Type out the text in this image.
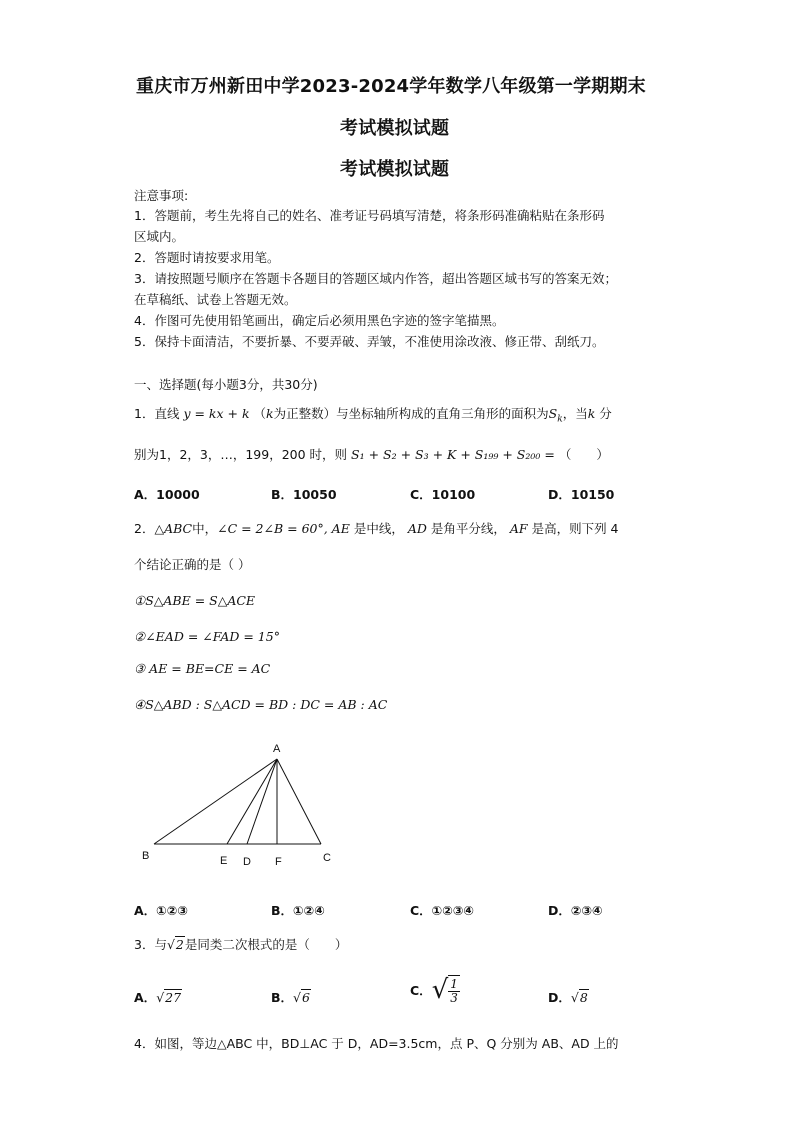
重庆市万州新田中学2023-2024学年数学八年级第一学期期末
考试模拟试题
考试模拟试题
注意事项:
1．答题前，考生先将自己的姓名、准考证号码填写清楚，将条形码准确粘贴在条形码
区域内。
2．答题时请按要求用笔。
3．请按照题号顺序在答题卡各题目的答题区域内作答，超出答题区域书写的答案无效；
在草稿纸、试卷上答题无效。
4．作图可先使用铅笔画出，确定后必须用黑色字迹的签字笔描黑。
5．保持卡面清洁，不要折暴、不要弄破、弄皱，不准使用涂改液、修正带、刮纸刀。
一、选择题(每小题3分，共30分)
1．直线 y = kx + k （k为正整数）与坐标轴所构成的直角三角形的面积为$S_k$，当k 分
别为1，2，3，…，199，200 时，则 S₁ + S₂ + S₃ + K + S₁₉₉ + S₂₀₀ = （　　）
A．10000	B．10050	C．10100	D．10150
2．△ABC中，∠C = 2∠B = 60°, AE 是中线， AD 是角平分线， AF 是高，则下列 4
个结论正确的是（ ）
①S△ABE = S△ACE
②∠EAD = ∠FAD = 15°
③ AE = BE=CE = AC
④S△ABD : S△ACD = BD : DC = AB : AC
A
B	E D F	C
A．①②③	B．①②④	C．①②③④	D．②③④
3．与√2是同类二次根式的是（　　）
A．√27	B．√6	C．√ $\frac{1}{3}$	D．√8
4．如图，等边△ABC 中，BD⊥AC 于 D，AD=3.5cm，点 P、Q 分别为 AB、AD 上的
